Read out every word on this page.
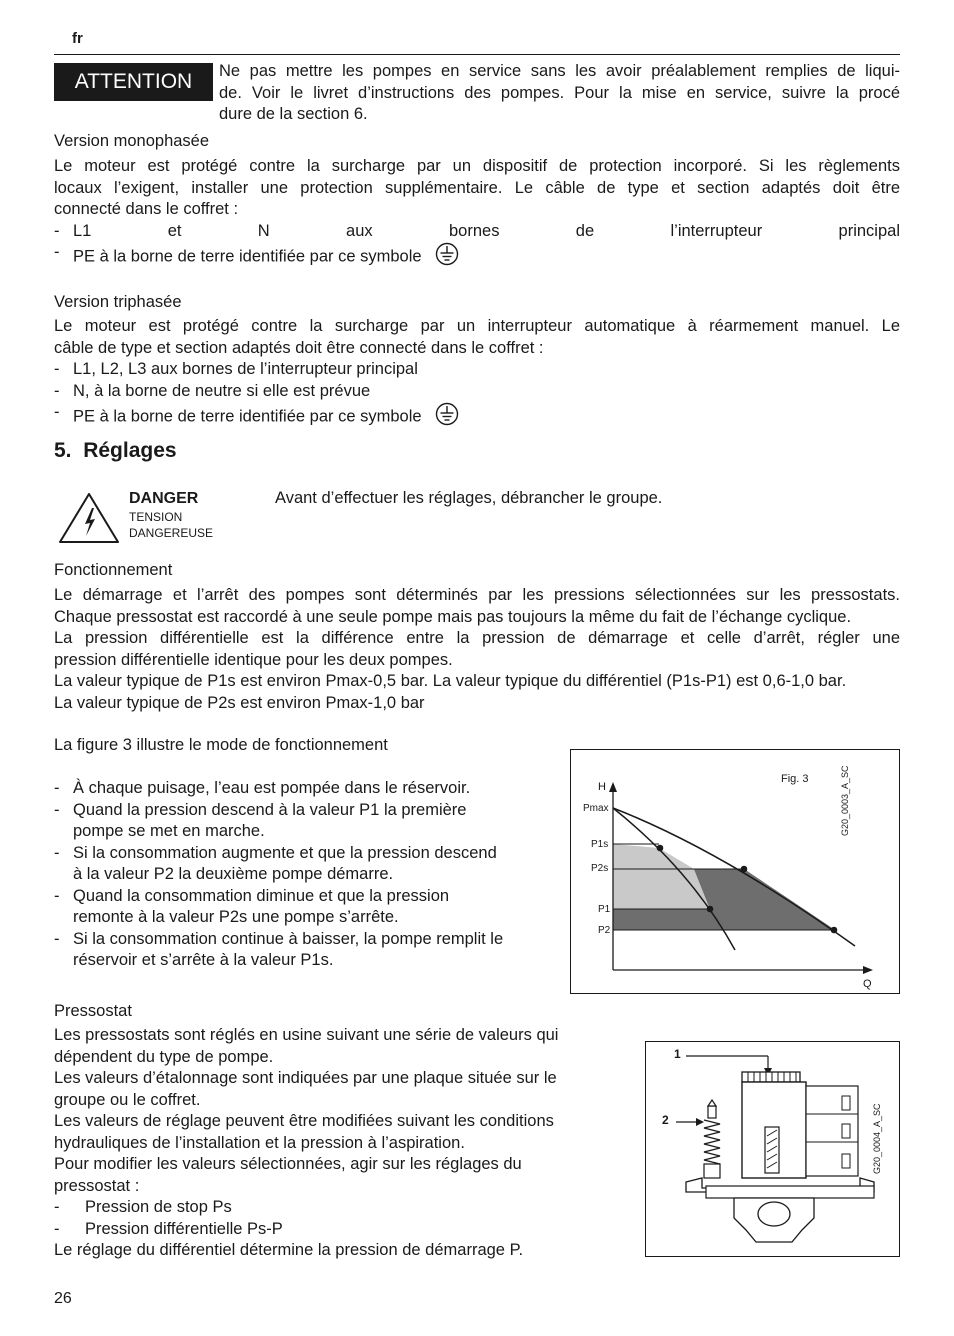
fr
ATTENTION	Ne pas mettre les pompes en service sans les avoir préalablement remplies de liqui-
de. Voir le livret d’instructions des pompes. Pour la mise en service, suivre la procé
dure de la section 6.
Version monophasée
Le moteur est protégé contre la surcharge par un dispositif de protection incorporé. Si les règlements
locaux l’exigent, installer une protection supplémentaire. Le câble de type et section adaptés doit être
connecté dans le coffret :
- L1 et N aux bornes de l’interrupteur principal
- PE à la borne de terre identifiée par ce symbole
Version triphasée
Le moteur est protégé contre la surcharge par un interrupteur automatique à réarmement manuel. Le
câble de type et section adaptés doit être connecté dans le coffret :
- L1, L2, L3 aux bornes de l’interrupteur principal
- N, à la borne de neutre si elle est prévue
- PE à la borne de terre identifiée par ce symbole
5. Réglages
DANGER
TENSION
DANGEREUSE
Avant d’effectuer les réglages, débrancher le groupe.
Fonctionnement
Le démarrage et l’arrêt des pompes sont déterminés par les pressions sélectionnées sur les pressostats.
Chaque pressostat est raccordé à une seule pompe mais pas toujours la même du fait de l’échange cyclique.
La pression différentielle est la différence entre la pression de démarrage et celle d’arrêt, régler une
pression différentielle identique pour les deux pompes.
La valeur typique de P1s est environ Pmax-0,5 bar. La valeur typique du différentiel (P1s-P1) est 0,6-1,0 bar.
La valeur typique de P2s est environ Pmax-1,0 bar
La figure 3 illustre le mode de fonctionnement
- À chaque puisage, l’eau est pompée dans le réservoir.
- Quand la pression descend à la valeur P1 la première
pompe se met en marche.
- Si la consommation augmente et que la pression descend
à la valeur P2 la deuxième pompe démarre.
- Quand la consommation diminue et que la pression
remonte à la valeur P2s une pompe s’arrête.
- Si la consommation continue à baisser, la pompe remplit le
réservoir et s’arrête à la valeur P1s.
H
Pmax
P1s
P2s
P1
P2
Q
Fig. 3	G20_0003_A_SC
Pressostat
Les pressostats sont réglés en usine suivant une série de valeurs qui
dépendent du type de pompe.
Les valeurs d’étalonnage sont indiquées par une plaque située sur le
groupe ou le coffret.
Les valeurs de réglage peuvent être modifiées suivant les conditions
hydrauliques de l’installation et la pression à l’aspiration.
Pour modifier les valeurs sélectionnées, agir sur les réglages du
pressostat :
- Pression de stop Ps
- Pression différentielle Ps-P
Le réglage du différentiel détermine la pression de démarrage P.
1
2	G20_0004_A_SC
26
